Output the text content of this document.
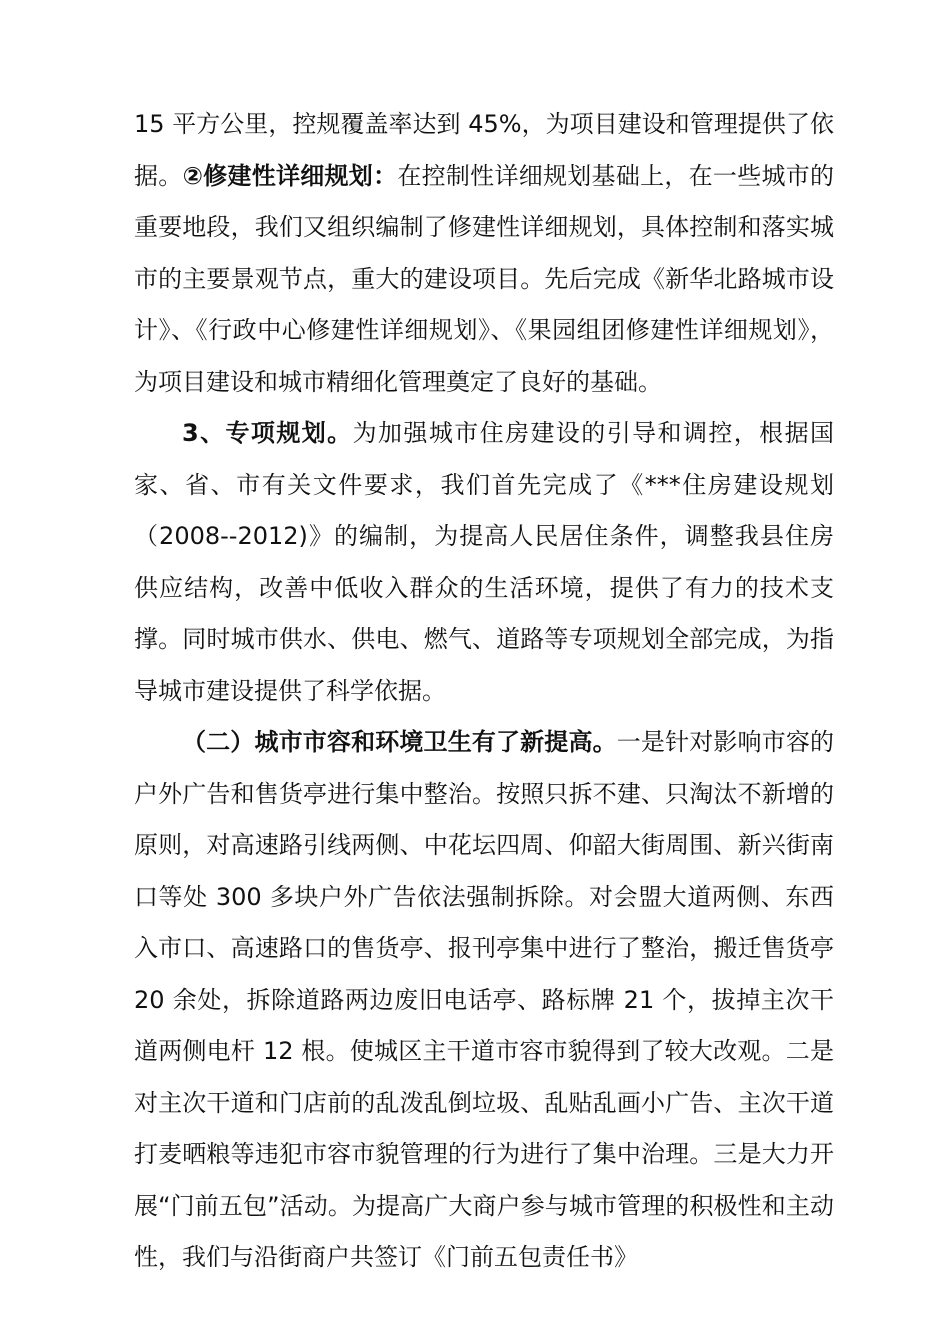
15 平方公里，控规覆盖率达到 45%，为项目建设和管理提供了依据。②修建性详细规划：在控制性详细规划基础上，在一些城市的重要地段，我们又组织编制了修建性详细规划，具体控制和落实城市的主要景观节点，重大的建设项目。先后完成《新华北路城市设计》、《行政中心修建性详细规划》、《果园组团修建性详细规划》，为项目建设和城市精细化管理奠定了良好的基础。

3、专项规划。为加强城市住房建设的引导和调控，根据国家、省、市有关文件要求，我们首先完成了《***住房建设规划（2008--2012)》的编制，为提高人民居住条件，调整我县住房供应结构，改善中低收入群众的生活环境，提供了有力的技术支撑。同时城市供水、供电、燃气、道路等专项规划全部完成，为指导城市建设提供了科学依据。

（二）城市市容和环境卫生有了新提高。一是针对影响市容的户外广告和售货亭进行集中整治。按照只拆不建、只淘汰不新增的原则，对高速路引线两侧、中花坛四周、仰韶大街周围、新兴街南口等处 300 多块户外广告依法强制拆除。对会盟大道两侧、东西入市口、高速路口的售货亭、报刊亭集中进行了整治，搬迁售货亭 20 余处，拆除道路两边废旧电话亭、路标牌 21 个，拔掉主次干道两侧电杆 12 根。使城区主干道市容市貌得到了较大改观。二是对主次干道和门店前的乱泼乱倒垃圾、乱贴乱画小广告、主次干道打麦晒粮等违犯市容市貌管理的行为进行了集中治理。三是大力开展“门前五包”活动。为提高广大商户参与城市管理的积极性和主动性，我们与沿街商户共签订《门前五包责任书》
